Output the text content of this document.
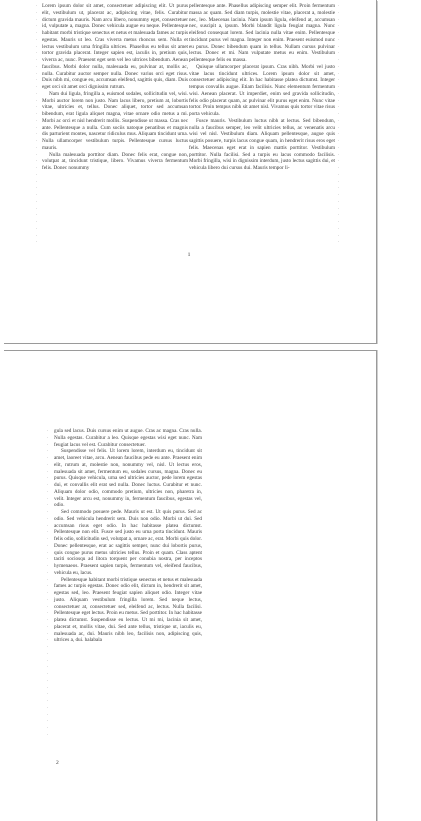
·
·
·
·
·
·
·
·
·
·
·
·
·
·
·
·
·
·
·
·
·
·
·
·
·
·
·
·
·
·
·
·
·
·
·
·

Lorem ipsum dolor sit amet, consectetuer adipiscing elit. Ut purus elit, vestibulum ut, placerat ac, adipiscing vitae, felis. Curabitur dictum gravida mauris. Nam arcu libero, nonummy eget, consectetuer id, vulputate a, magna. Donec vehicula augue eu neque. Pellentesque habitant morbi tristique senectus et netus et malesuada fames ac turpis egestas. Mauris ut leo. Cras viverra metus rhoncus sem. Nulla et lectus vestibulum urna fringilla ultrices. Phasellus eu tellus sit amet tortor gravida placerat. Integer sapien est, iaculis in, pretium quis, viverra ac, nunc. Praesent eget sem vel leo ultrices bibendum. Aenean faucibus. Morbi dolor nulla, malesuada eu, pulvinar at, mollis ac, nulla. Curabitur auctor semper nulla. Donec varius orci eget risus. Duis nibh mi, congue eu, accumsan eleifend, sagittis quis, diam. Duis eget orci sit amet orci dignissim rutrum.

Nam dui ligula, fringilla a, euismod sodales, sollicitudin vel, wisi. Morbi auctor lorem non justo. Nam lacus libero, pretium at, lobortis vitae, ultricies et, tellus. Donec aliquet, tortor sed accumsan bibendum, erat ligula aliquet magna, vitae ornare odio metus a mi. Morbi ac orci et nisl hendrerit mollis. Suspendisse ut massa. Cras nec ante. Pellentesque a nulla. Cum sociis natoque penatibus et magnis dis parturient montes, nascetur ridiculus mus. Aliquam tincidunt urna. Nulla ullamcorper vestibulum turpis. Pellentesque cursus luctus mauris.

Nulla malesuada porttitor diam. Donec felis erat, congue non, volutpat at, tincidunt tristique, libero. Vivamus viverra fermentum felis. Donec nonummy

pellentesque ante. Phasellus adipiscing semper elit. Proin fermentum massa ac quam. Sed diam turpis, molestie vitae, placerat a, molestie nec, leo. Maecenas lacinia. Nam ipsum ligula, eleifend at, accumsan nec, suscipit a, ipsum. Morbi blandit ligula feugiat magna. Nunc eleifend consequat lorem. Sed lacinia nulla vitae enim. Pellentesque tincidunt purus vel magna. Integer non enim. Praesent euismod nunc eu purus. Donec bibendum quam in tellus. Nullam cursus pulvinar lectus. Donec et mi. Nam vulputate metus eu enim. Vestibulum pellentesque felis eu massa.

Quisque ullamcorper placerat ipsum. Cras nibh. Morbi vel justo vitae lacus tincidunt ultrices. Lorem ipsum dolor sit amet, consectetuer adipiscing elit. In hac habitasse platea dictumst. Integer tempus convallis augue. Etiam facilisis. Nunc elementum fermentum wisi. Aenean placerat. Ut imperdiet, enim sed gravida sollicitudin, felis odio placerat quam, ac pulvinar elit purus eget enim. Nunc vitae tortor. Proin tempus nibh sit amet nisl. Vivamus quis tortor vitae risus porta vehicula.

Fusce mauris. Vestibulum luctus nibh at lectus. Sed bibendum, nulla a faucibus semper, leo velit ultricies tellus, ac venenatis arcu wisi vel nisl. Vestibulum diam. Aliquam pellentesque, augue quis sagittis posuere, turpis lacus congue quam, in hendrerit risus eros eget felis. Maecenas eget erat in sapien mattis porttitor. Vestibulum porttitor. Nulla facilisi. Sed a turpis eu lacus commodo facilisis. Morbi fringilla, wisi in dignissim interdum, justo lectus sagittis dui, et vehicula libero dui cursus dui. Mauris tempor li-

·
·
·
·
·
·
·
·
·
·
·
·
·
·
·
·
·
·
·
·
·
·
·
·
·
·
·
·
·
·
·
·
·
·
·
·
1
2
·
·
·
·
·
·
·
·
·
·
·
·
·
·
·
·
·
·
·
·
·
·
·
·
·
·
·
·
·
·
·
·
·
·
·
·
·
·
·
·
·
·
·
·
·
·

gula sed lacus. Duis cursus enim ut augue. Cras ac magna. Cras nulla. Nulla egestas. Curabitur a leo. Quisque egestas wisi eget nunc. Nam feugiat lacus vel est. Curabitur consectetuer.

Suspendisse vel felis. Ut lorem lorem, interdum eu, tincidunt sit amet, laoreet vitae, arcu. Aenean faucibus pede eu ante. Praesent enim elit, rutrum at, molestie non, nonummy vel, nisl. Ut lectus eros, malesuada sit amet, fermentum eu, sodales cursus, magna. Donec eu purus. Quisque vehicula, urna sed ultricies auctor, pede lorem egestas dui, et convallis elit erat sed nulla. Donec luctus. Curabitur et nunc. Aliquam dolor odio, commodo pretium, ultricies non, pharetra in, velit. Integer arcu est, nonummy in, fermentum faucibus, egestas vel, odio.

Sed commodo posuere pede. Mauris ut est. Ut quis purus. Sed ac odio. Sed vehicula hendrerit sem. Duis non odio. Morbi ut dui. Sed accumsan risus eget odio. In hac habitasse platea dictumst. Pellentesque non elit. Fusce sed justo eu urna porta tincidunt. Mauris felis odio, sollicitudin sed, volutpat a, ornare ac, erat. Morbi quis dolor. Donec pellentesque, erat ac sagittis semper, nunc dui lobortis purus, quis congue purus metus ultricies tellus. Proin et quam. Class aptent taciti sociosqu ad litora torquent per conubia nostra, per inceptos hymenaeos. Praesent sapien turpis, fermentum vel, eleifend faucibus, vehicula eu, lacus.

Pellentesque habitant morbi tristique senectus et netus et malesuada fames ac turpis egestas. Donec odio elit, dictum in, hendrerit sit amet, egestas sed, leo. Praesent feugiat sapien aliquet odio. Integer vitae justo. Aliquam vestibulum fringilla lorem. Sed neque lectus, consectetuer at, consectetuer sed, eleifend ac, lectus. Nulla facilisi. Pellentesque eget lectus. Proin eu metus. Sed porttitor. In hac habitasse platea dictumst. Suspendisse eu lectus. Ut mi mi, lacinia sit amet, placerat et, mollis vitae, dui. Sed ante tellus, tristique ut, iaculis eu, malesuada ac, dui. Mauris nibh leo, facilisis non, adipiscing quis, ultrices a, dui. halabala
